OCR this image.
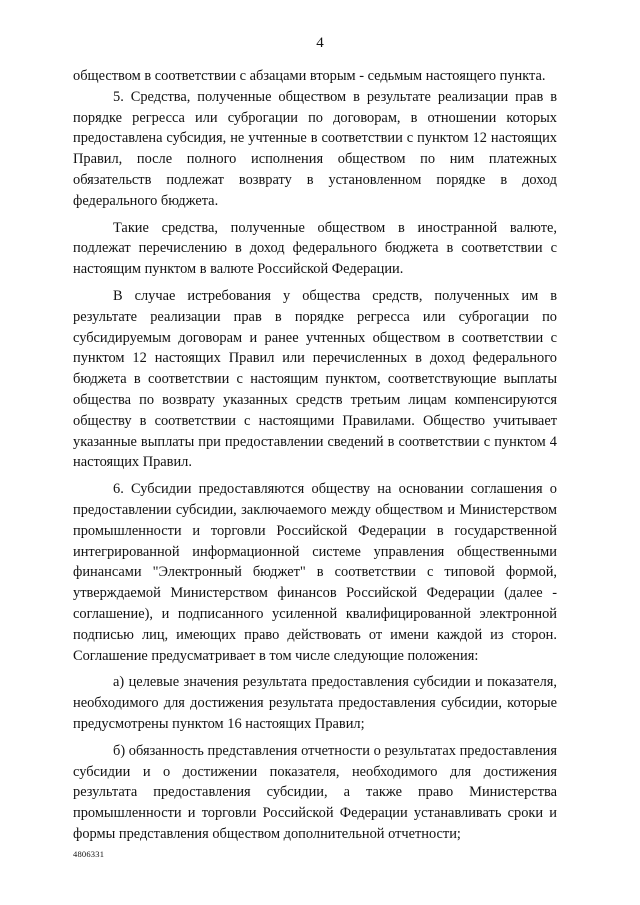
4

обществом в соответствии с абзацами вторым - седьмым настоящего пункта.

5. Средства, полученные обществом в результате реализации прав в порядке регресса или суброгации по договорам, в отношении которых предоставлена субсидия, не учтенные в соответствии с пунктом 12 настоящих Правил, после полного исполнения обществом по ним платежных обязательств подлежат возврату в установленном порядке в доход федерального бюджета.

Такие средства, полученные обществом в иностранной валюте, подлежат перечислению в доход федерального бюджета в соответствии с настоящим пунктом в валюте Российской Федерации.

В случае истребования у общества средств, полученных им в результате реализации прав в порядке регресса или суброгации по субсидируемым договорам и ранее учтенных обществом в соответствии с пунктом 12 настоящих Правил или перечисленных в доход федерального бюджета в соответствии с настоящим пунктом, соответствующие выплаты общества по возврату указанных средств третьим лицам компенсируются обществу в соответствии с настоящими Правилами. Общество учитывает указанные выплаты при предоставлении сведений в соответствии с пунктом 4 настоящих Правил.

6. Субсидии предоставляются обществу на основании соглашения о предоставлении субсидии, заключаемого между обществом и Министерством промышленности и торговли Российской Федерации в государственной интегрированной информационной системе управления общественными финансами "Электронный бюджет" в соответствии с типовой формой, утверждаемой Министерством финансов Российской Федерации (далее - соглашение), и подписанного усиленной квалифицированной электронной подписью лиц, имеющих право действовать от имени каждой из сторон. Соглашение предусматривает в том числе следующие положения:

а) целевые значения результата предоставления субсидии и показателя, необходимого для достижения результата предоставления субсидии, которые предусмотрены пунктом 16 настоящих Правил;

б) обязанность представления отчетности о результатах предоставления субсидии и о достижении показателя, необходимого для достижения результата предоставления субсидии, а также право Министерства промышленности и торговли Российской Федерации устанавливать сроки и формы представления обществом дополнительной отчетности;

4806331
